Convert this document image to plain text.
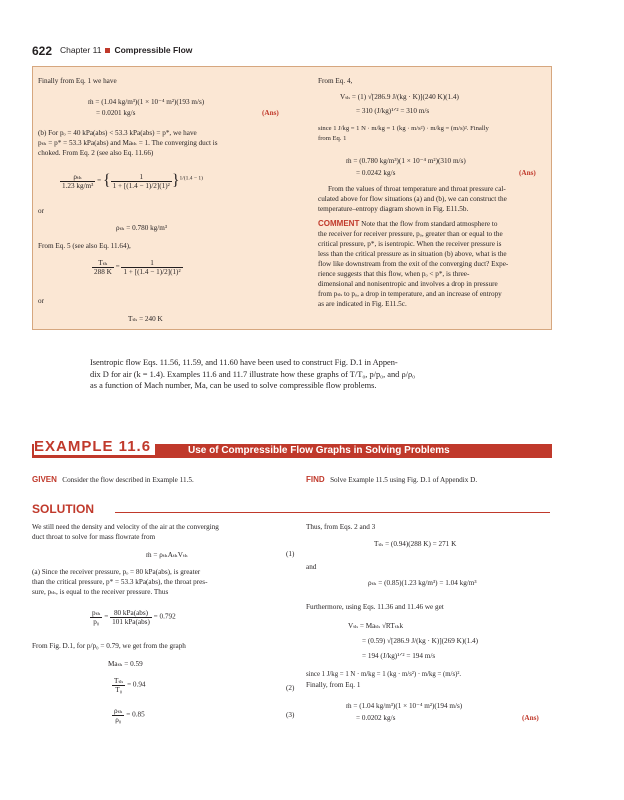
622 Chapter 11 Compressible Flow
Finally from Eq. 1 we have
ṁ = (1.04 kg/m³)(1 × 10⁻⁴ m²)(193 m/s)
= 0.0201 kg/s	(Ans)
(b) For pₒ = 40 kPa(abs) < 53.3 kPa(abs) = p*, we have
pₜₕ = p* = 53.3 kPa(abs) and Maₜₕ = 1. The converging duct is
choked. From Eq. 2 (see also Eq. 11.66)
$\frac{\text{ρₜₕ}}{\text{1.23 kg/m³}}$ = { $\frac{1}{\text{1 + [(1.4 − 1)/2](1)²}} \}^{1/(1.4 - 1)}$
or
ρₜₕ = 0.780 kg/m³
From Eq. 5 (see also Eq. 11.64),
$\frac{\text{Tₜₕ}}{288 K} = \frac{1}{\text{1 + [(1.4 − 1)/2](1)²}}$
or
Tₜₕ = 240 K
From Eq. 4,
Vₜₕ = (1) √[286.9 J/(kg · K)](240 K)(1.4)
= 310 (J/kg)¹ᐟ² = 310 m/s
since 1 J/kg = 1 N · m/kg = 1 (kg · m/s²) · m/kg = (m/s)². Finally
from Eq. 1
ṁ = (0.780 kg/m³)(1 × 10⁻⁴ m²)(310 m/s)
= 0.0242 kg/s	(Ans)
From the values of throat temperature and throat pressure cal-
culated above for flow situations (a) and (b), we can construct the
temperature–entropy diagram shown in Fig. E11.5b.
COMMENT Note that the flow from standard atmosphere to
the receiver for receiver pressure, pₒ, greater than or equal to the
critical pressure, p*, is isentropic. When the receiver pressure is
less than the critical pressure as in situation (b) above, what is the
flow like downstream from the exit of the converging duct? Expe-
rience suggests that this flow, when pₒ < p*, is three-
dimensional and nonisentropic and involves a drop in pressure
from pₜₕ to pₒ, a drop in temperature, and an increase of entropy
as are indicated in Fig. E11.5c.
Isentropic flow Eqs. 11.56, 11.59, and 11.60 have been used to construct Fig. D.1 in Appen-
dix D for air (k = 1.4). Examples 11.6 and 11.7 illustrate how these graphs of T/T₀, p/p₀, and ρ/ρ₀
as a function of Mach number, Ma, can be used to solve compressible flow problems.
EXAMPLE 11.6	Use of Compressible Flow Graphs in Solving Problems
GIVEN Consider the flow described in Example 11.5.	FIND Solve Example 11.5 using Fig. D.1 of Appendix D.
SOLUTION
We still need the density and velocity of the air at the converging
duct throat to solve for mass flowrate from
ṁ = ρₜₕAₜₕVₜₕ	(1)
(a) Since the receiver pressure, pₒ = 80 kPa(abs), is greater
than the critical pressure, p* = 53.3 kPa(abs), the throat pres-
sure, pₜₕ, is equal to the receiver pressure. Thus
$\frac{\text{pₜₕ}}{\text{p₀}} = \frac{\text{80 kPa(abs)}}{\text{101 kPa(abs)}} = 0.792$
From Fig. D.1, for p/p₀ = 0.79, we get from the graph
Maₜₕ = 0.59
$\frac{\text{Tₜₕ}}{\text{T₀}} = 0.94$	(2)
$\frac{\text{ρₜₕ}}{\text{ρ₀}} = 0.85$	(3)
Thus, from Eqs. 2 and 3
Tₜₕ = (0.94)(288 K) = 271 K
and
ρₜₕ = (0.85)(1.23 kg/m³) = 1.04 kg/m³
Furthermore, using Eqs. 11.36 and 11.46 we get
Vₜₕ = Maₜₕ √RTₜₕk
= (0.59) √[286.9 J/(kg · K)](269 K)(1.4)
= 194 (J/kg)¹ᐟ² = 194 m/s
since 1 J/kg = 1 N · m/kg = 1 (kg · m/s²) · m/kg = (m/s)².
Finally, from Eq. 1
ṁ = (1.04 kg/m³)(1 × 10⁻⁴ m²)(194 m/s)
= 0.0202 kg/s	(Ans)
